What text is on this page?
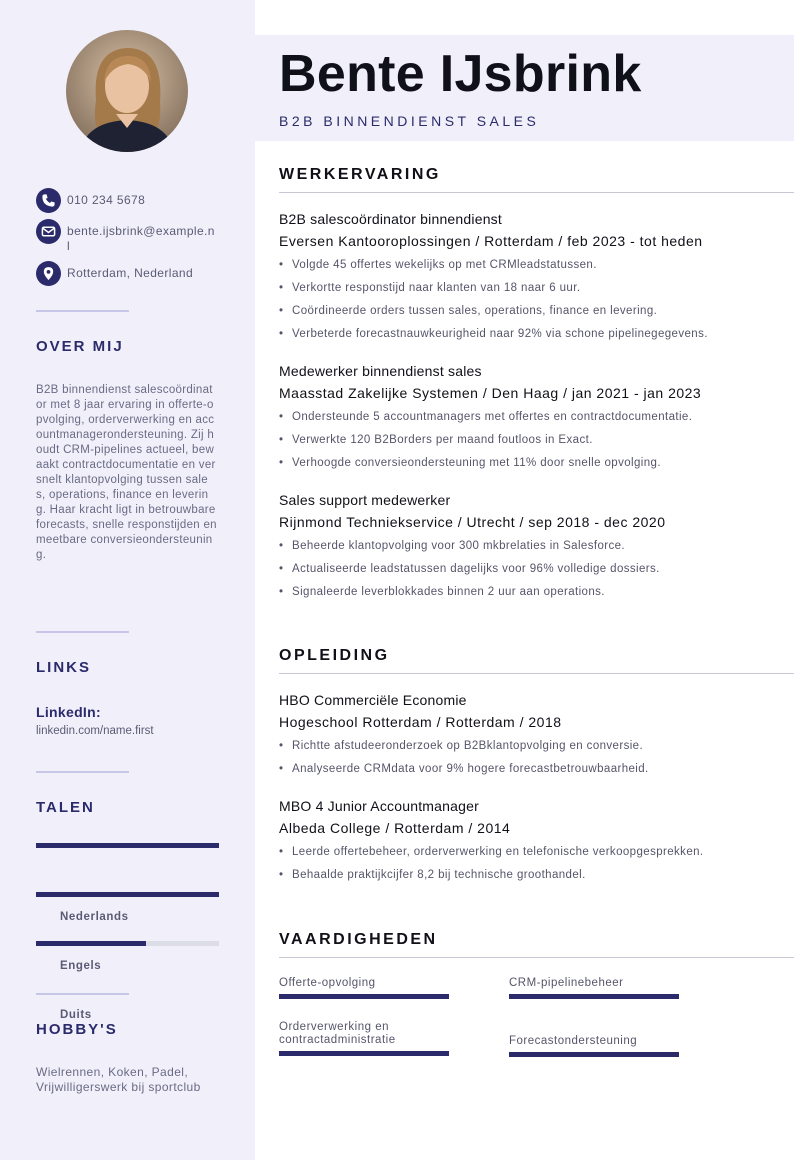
010 234 5678
bente.ijsbrink@example.nl
Rotterdam, Nederland
OVER MIJ
B2B binnendienst salescoördinator met 8 jaar ervaring in offerte-opvolging, orderverwerking en accountmanagerondersteuning. Zij houdt CRM-pipelines actueel, bewaakt contractdocumentatie en versnelt klantopvolging tussen sales, operations, finance en levering. Haar kracht ligt in betrouwbare forecasts, snelle responstijden en meetbare conversieondersteuning.
LINKS
LinkedIn:
linkedin.com/name.first
TALEN
Nederlands
Engels
Duits
HOBBY'S
Wielrennen, Koken, Padel, Vrijwilligerswerk bij sportclub
Bente IJsbrink
B2B BINNENDIENST SALES
WERKERVARING
B2B salescoördinator binnendienst
Eversen Kantooroplossingen / Rotterdam / feb 2023 - tot heden
• Volgde 45 offertes wekelijks op met CRMleadstatussen.
• Verkortte responstijd naar klanten van 18 naar 6 uur.
• Coördineerde orders tussen sales, operations, finance en levering.
• Verbeterde forecastnauwkeurigheid naar 92% via schone pipelinegegevens.
Medewerker binnendienst sales
Maasstad Zakelijke Systemen / Den Haag / jan 2021 - jan 2023
• Ondersteunde 5 accountmanagers met offertes en contractdocumentatie.
• Verwerkte 120 B2Borders per maand foutloos in Exact.
• Verhoogde conversieondersteuning met 11% door snelle opvolging.
Sales support medewerker
Rijnmond Techniekservice / Utrecht / sep 2018 - dec 2020
• Beheerde klantopvolging voor 300 mkbrelaties in Salesforce.
• Actualiseerde leadstatussen dagelijks voor 96% volledige dossiers.
• Signaleerde leverblokkades binnen 2 uur aan operations.
OPLEIDING
HBO Commerciële Economie
Hogeschool Rotterdam / Rotterdam / 2018
• Richtte afstudeeronderzoek op B2Bklantopvolging en conversie.
• Analyseerde CRMdata voor 9% hogere forecastbetrouwbaarheid.
MBO 4 Junior Accountmanager
Albeda College / Rotterdam / 2014
• Leerde offertebeheer, orderverwerking en telefonische verkoopgesprekken.
• Behaalde praktijkcijfer 8,2 bij technische groothandel.
VAARDIGHEDEN
Offerte-opvolging	CRM-pipelinebeheer
Orderverwerking en contractadministratie	Forecastondersteuning
